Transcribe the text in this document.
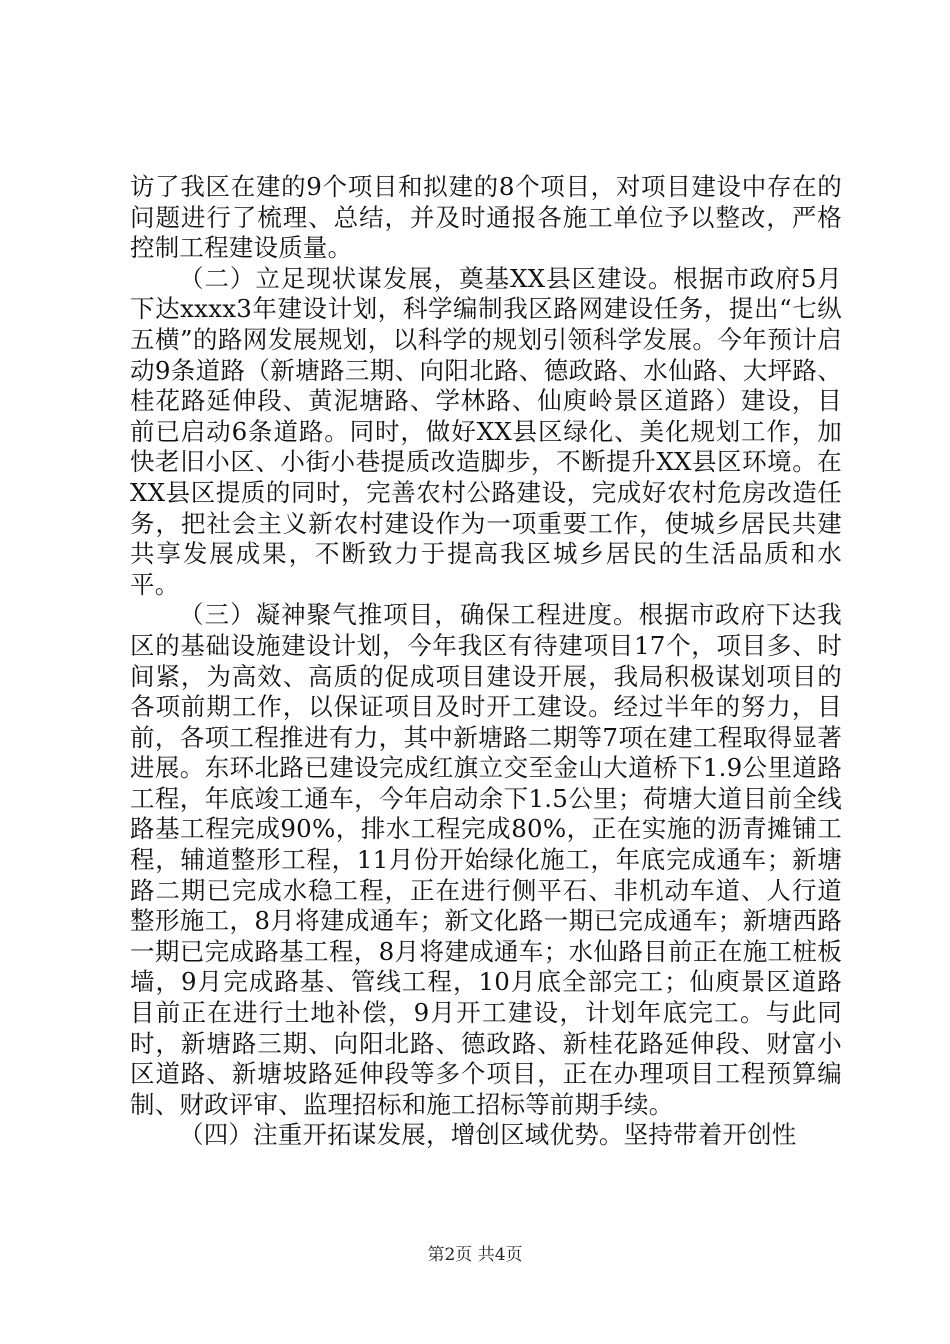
访了我区在建的9个项目和拟建的8个项目，对项目建设中存在的问题进行了梳理、总结，并及时通报各施工单位予以整改，严格控制工程建设质量。

（二）立足现状谋发展，奠基XX县区建设。根据市政府5月下达xxxx3年建设计划，科学编制我区路网建设任务，提出“七纵五横”的路网发展规划，以科学的规划引领科学发展。今年预计启动9条道路（新塘路三期、向阳北路、德政路、水仙路、大坪路、桂花路延伸段、黄泥塘路、学林路、仙庾岭景区道路）建设，目前已启动6条道路。同时，做好XX县区绿化、美化规划工作，加快老旧小区、小街小巷提质改造脚步，不断提升XX县区环境。在XX县区提质的同时，完善农村公路建设，完成好农村危房改造任务，把社会主义新农村建设作为一项重要工作，使城乡居民共建共享发展成果，不断致力于提高我区城乡居民的生活品质和水平。

（三）凝神聚气推项目，确保工程进度。根据市政府下达我区的基础设施建设计划，今年我区有待建项目17个，项目多、时间紧，为高效、高质的促成项目建设开展，我局积极谋划项目的各项前期工作，以保证项目及时开工建设。经过半年的努力，目前，各项工程推进有力，其中新塘路二期等7项在建工程取得显著进展。东环北路已建设完成红旗立交至金山大道桥下1.9公里道路工程，年底竣工通车，今年启动余下1.5公里；荷塘大道目前全线路基工程完成90%，排水工程完成80%，正在实施的沥青摊铺工程，辅道整形工程，11月份开始绿化施工，年底完成通车；新塘路二期已完成水稳工程，正在进行侧平石、非机动车道、人行道整形施工，8月将建成通车；新文化路一期已完成通车；新塘西路一期已完成路基工程，8月将建成通车；水仙路目前正在施工桩板墙，9月完成路基、管线工程，10月底全部完工；仙庾景区道路目前正在进行土地补偿，9月开工建设，计划年底完工。与此同时，新塘路三期、向阳北路、德政路、新桂花路延伸段、财富小区道路、新塘坡路延伸段等多个项目，正在办理项目工程预算编制、财政评审、监理招标和施工招标等前期手续。

（四）注重开拓谋发展，增创区域优势。坚持带着开创性

第2页 共4页
